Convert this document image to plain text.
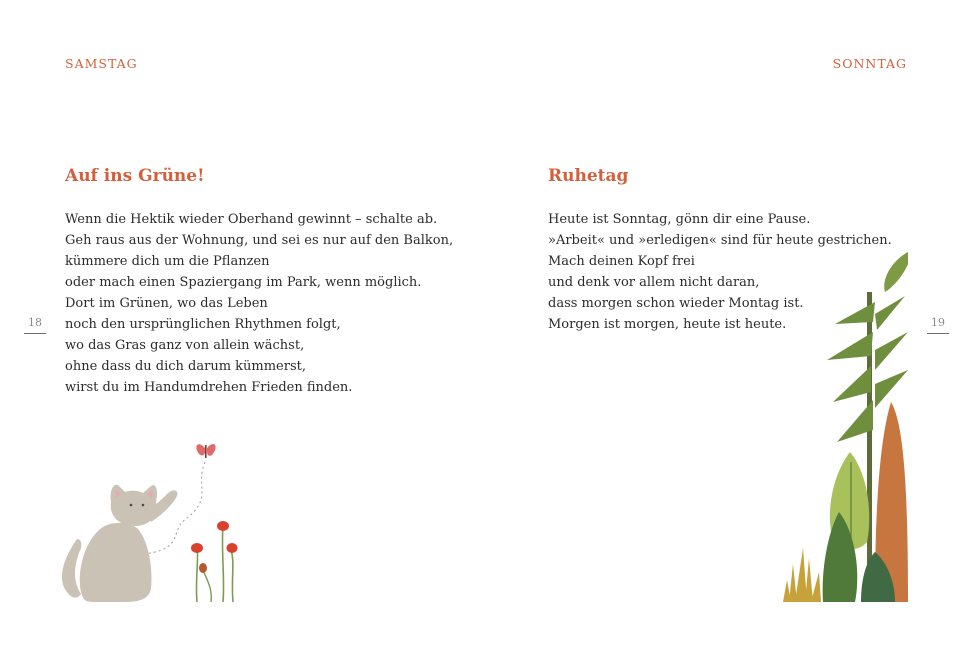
SAMSTAG	SONNTAG
Auf ins Grüne!	Ruhetag
Wenn die Hektik wieder Oberhand gewinnt – schalte ab.
Geh raus aus der Wohnung, und sei es nur auf den Balkon,
kümmere dich um die Pflanzen
oder mach einen Spaziergang im Park, wenn möglich.
Dort im Grünen, wo das Leben
noch den ursprünglichen Rhythmen folgt,
wo das Gras ganz von allein wächst,
ohne dass du dich darum kümmerst,
wirst du im Handumdrehen Frieden finden.
Heute ist Sonntag, gönn dir eine Pause.
»Arbeit« und »erledigen« sind für heute gestrichen.
Mach deinen Kopf frei
und denk vor allem nicht daran,
dass morgen schon wieder Montag ist.
Morgen ist morgen, heute ist heute.
18	19
